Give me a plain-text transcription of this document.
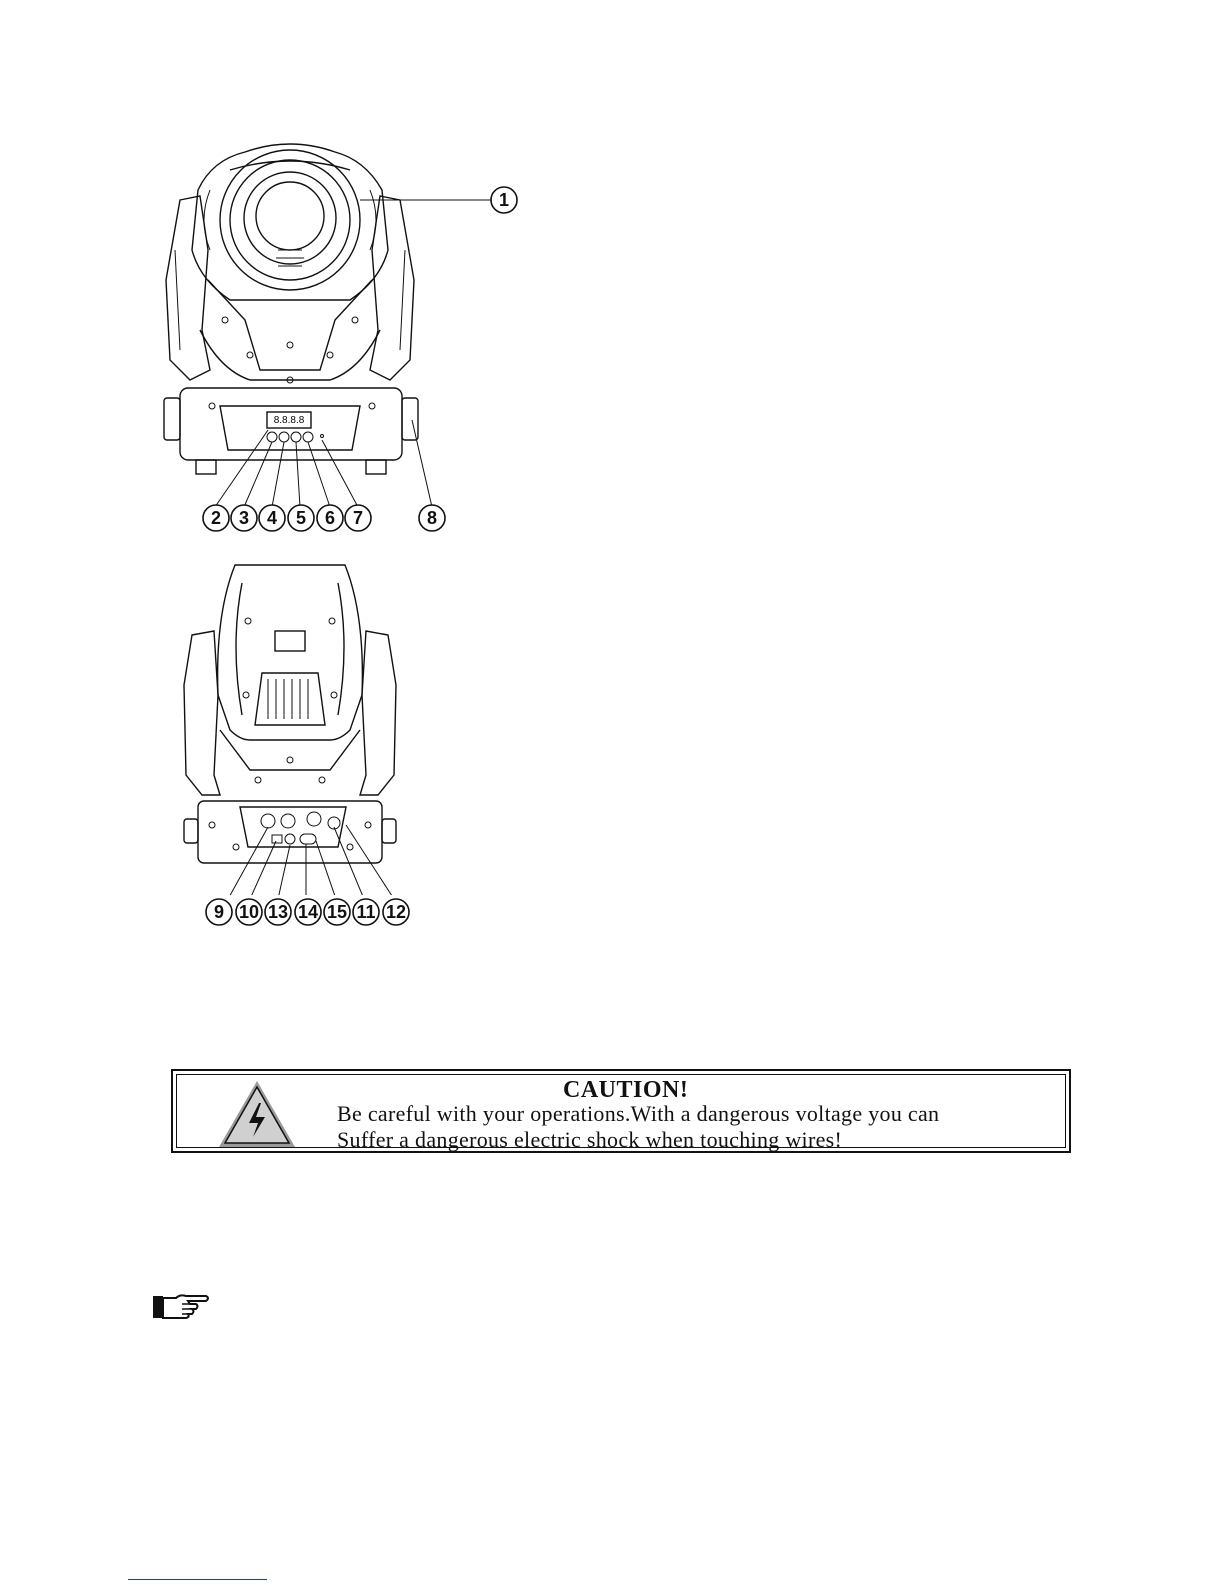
8.8.8.8
1
2 3 4 5 6 7	8
9 10 13 14 15 11 12
CAUTION!
Be careful with your operations.With a dangerous voltage you can
Suffer a dangerous electric shock when touching wires!
